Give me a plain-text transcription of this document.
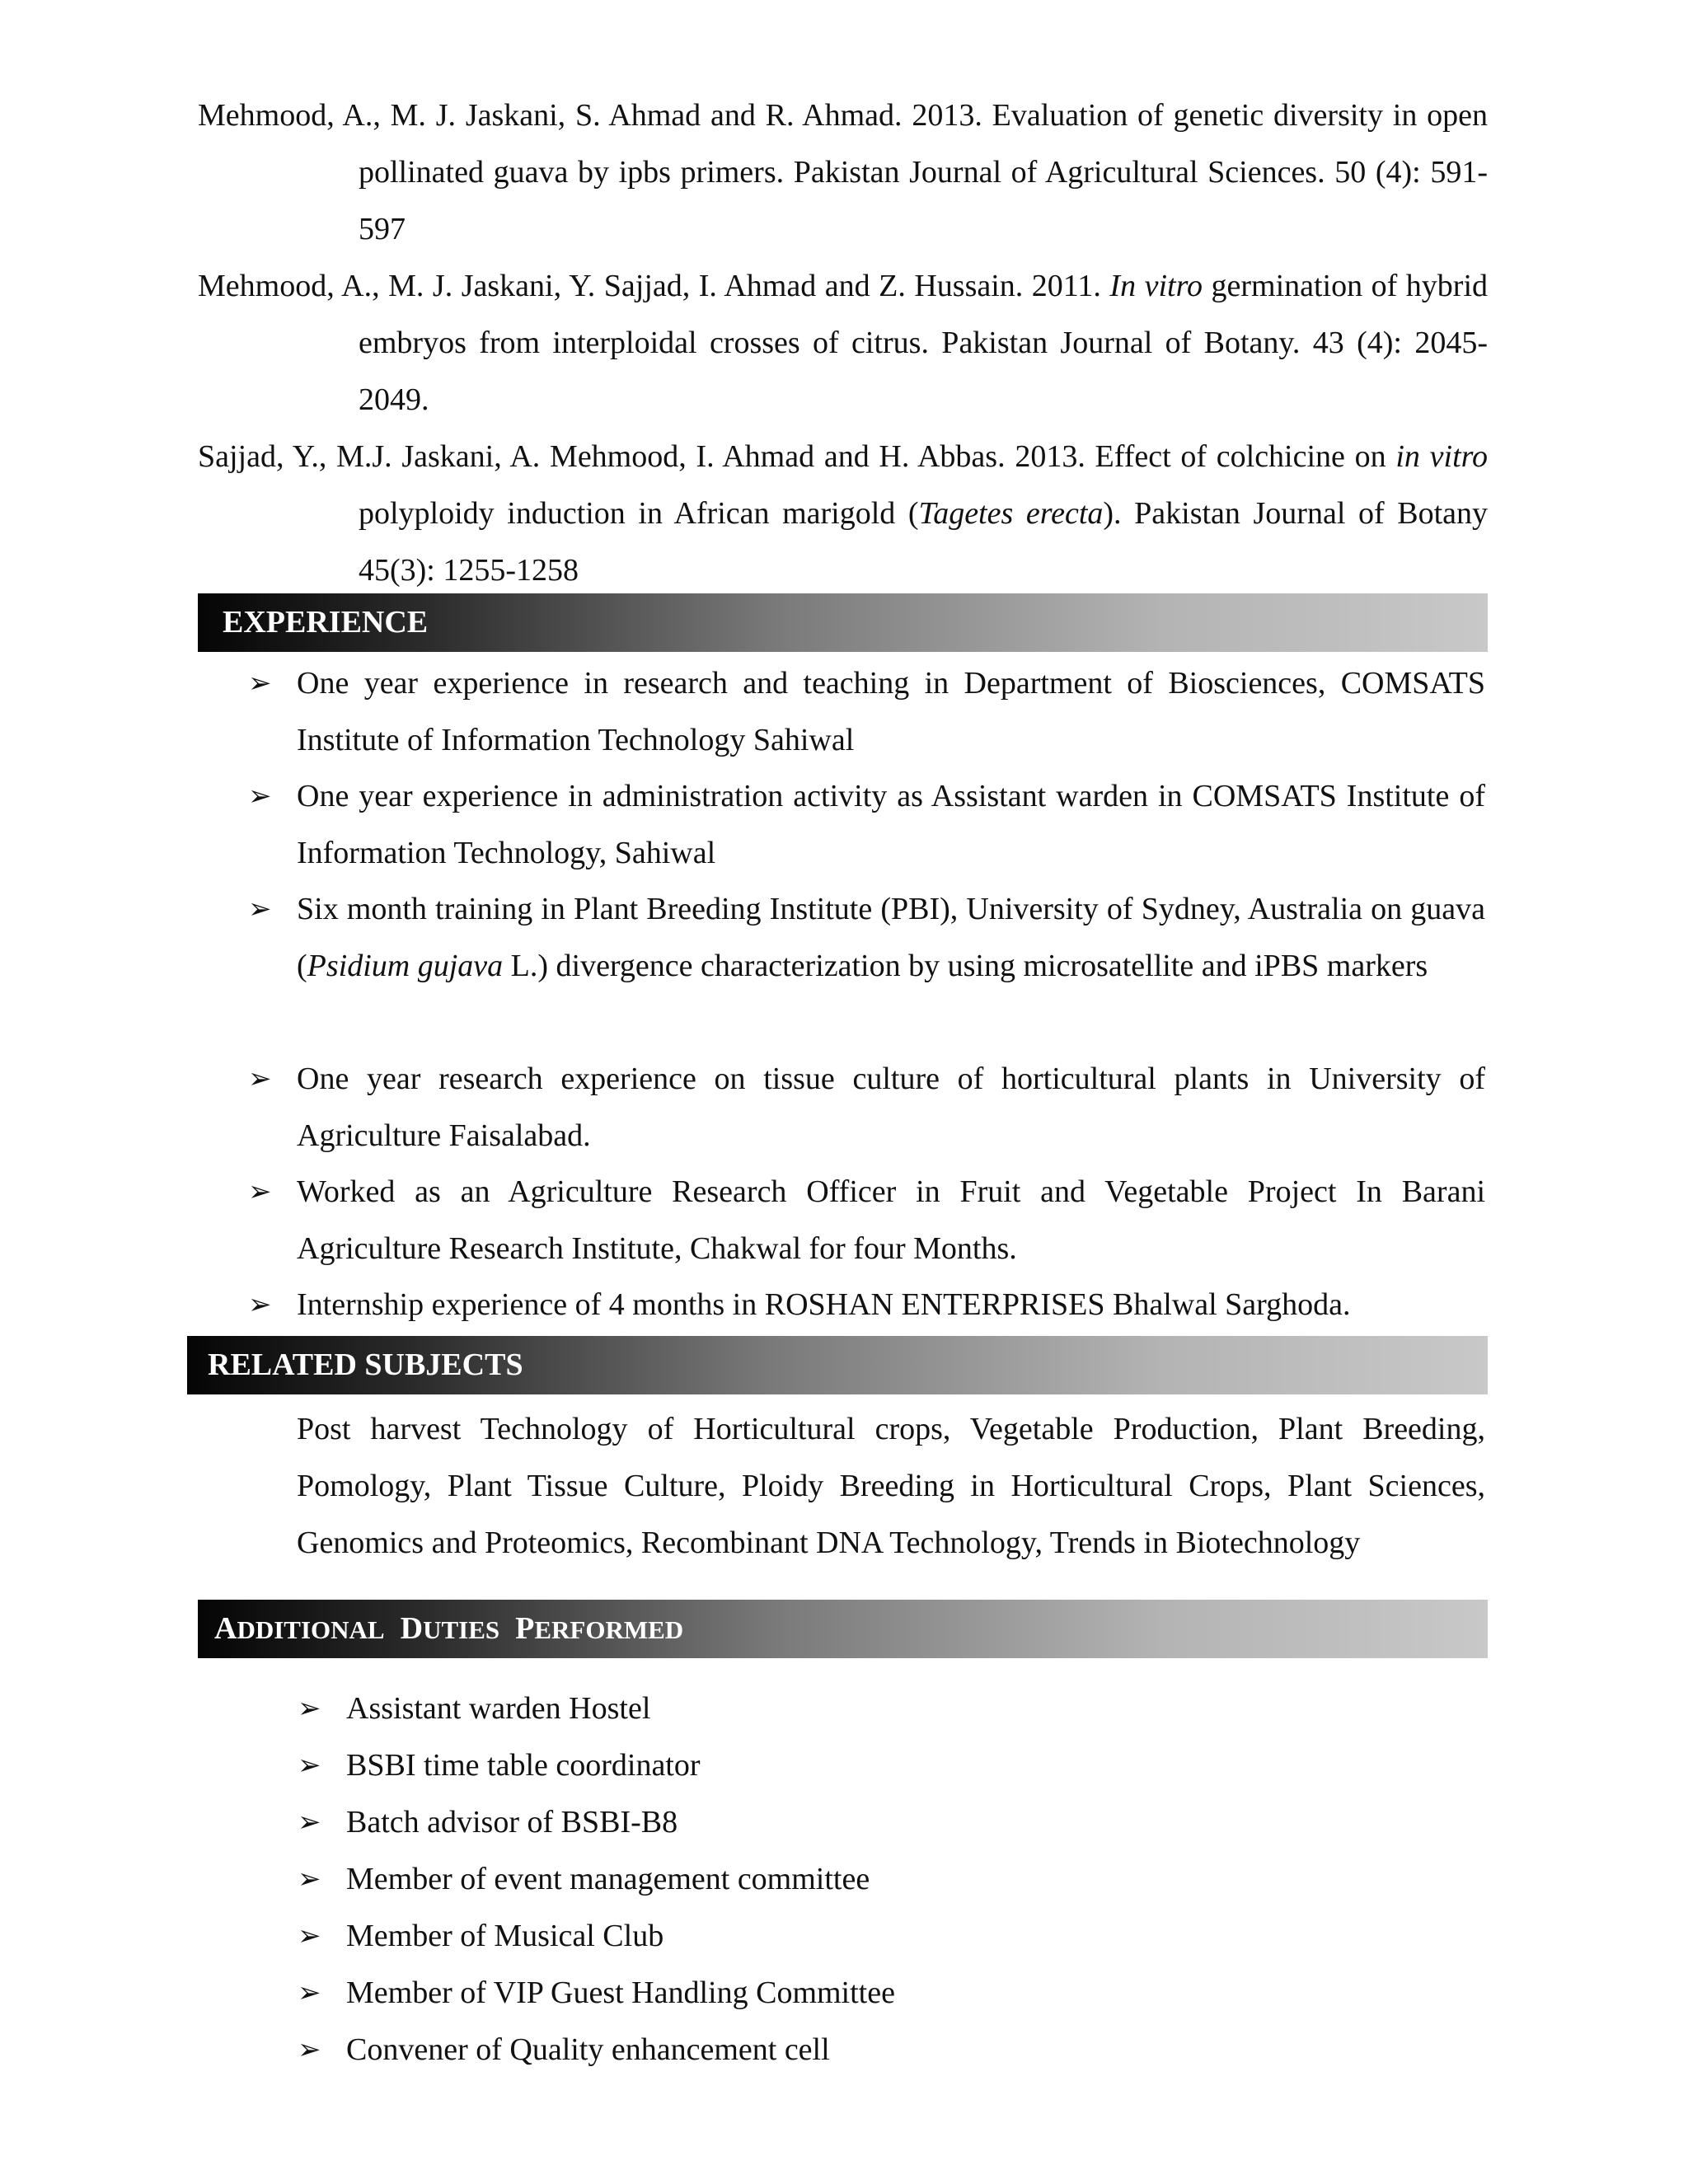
Mehmood, A., M. J. Jaskani, S. Ahmad and R. Ahmad. 2013. Evaluation of genetic diversity in open pollinated guava by ipbs primers. Pakistan Journal of Agricultural Sciences. 50 (4): 591-597
Mehmood, A., M. J. Jaskani, Y. Sajjad, I. Ahmad and Z. Hussain. 2011. In vitro germination of hybrid embryos from interploidal crosses of citrus. Pakistan Journal of Botany. 43 (4): 2045-2049.
Sajjad, Y., M.J. Jaskani, A. Mehmood, I. Ahmad and H. Abbas. 2013. Effect of colchicine on in vitro polyploidy induction in African marigold (Tagetes erecta). Pakistan Journal of Botany 45(3): 1255-1258
EXPERIENCE
➢ One year experience in research and teaching in Department of Biosciences, COMSATS Institute of Information Technology Sahiwal
➢ One year experience in administration activity as Assistant warden in COMSATS Institute of Information Technology, Sahiwal
➢ Six month training in Plant Breeding Institute (PBI), University of Sydney, Australia on guava (Psidium gujava L.) divergence characterization by using microsatellite and iPBS markers
➢ One year research experience on tissue culture of horticultural plants in University of Agriculture Faisalabad.
➢ Worked as an Agriculture Research Officer in Fruit and Vegetable Project In Barani Agriculture Research Institute, Chakwal for four Months.
➢ Internship experience of 4 months in ROSHAN ENTERPRISES Bhalwal Sarghoda.
RELATED SUBJECTS
Post harvest Technology of Horticultural crops, Vegetable Production, Plant Breeding, Pomology, Plant Tissue Culture, Ploidy Breeding in Horticultural Crops, Plant Sciences, Genomics and Proteomics, Recombinant DNA Technology, Trends in Biotechnology
ADDITIONAL DUTIES PERFORMED
➢ Assistant warden Hostel
➢ BSBI time table coordinator
➢ Batch advisor of BSBI-B8
➢ Member of event management committee
➢ Member of Musical Club
➢ Member of VIP Guest Handling Committee
➢ Convener of Quality enhancement cell
